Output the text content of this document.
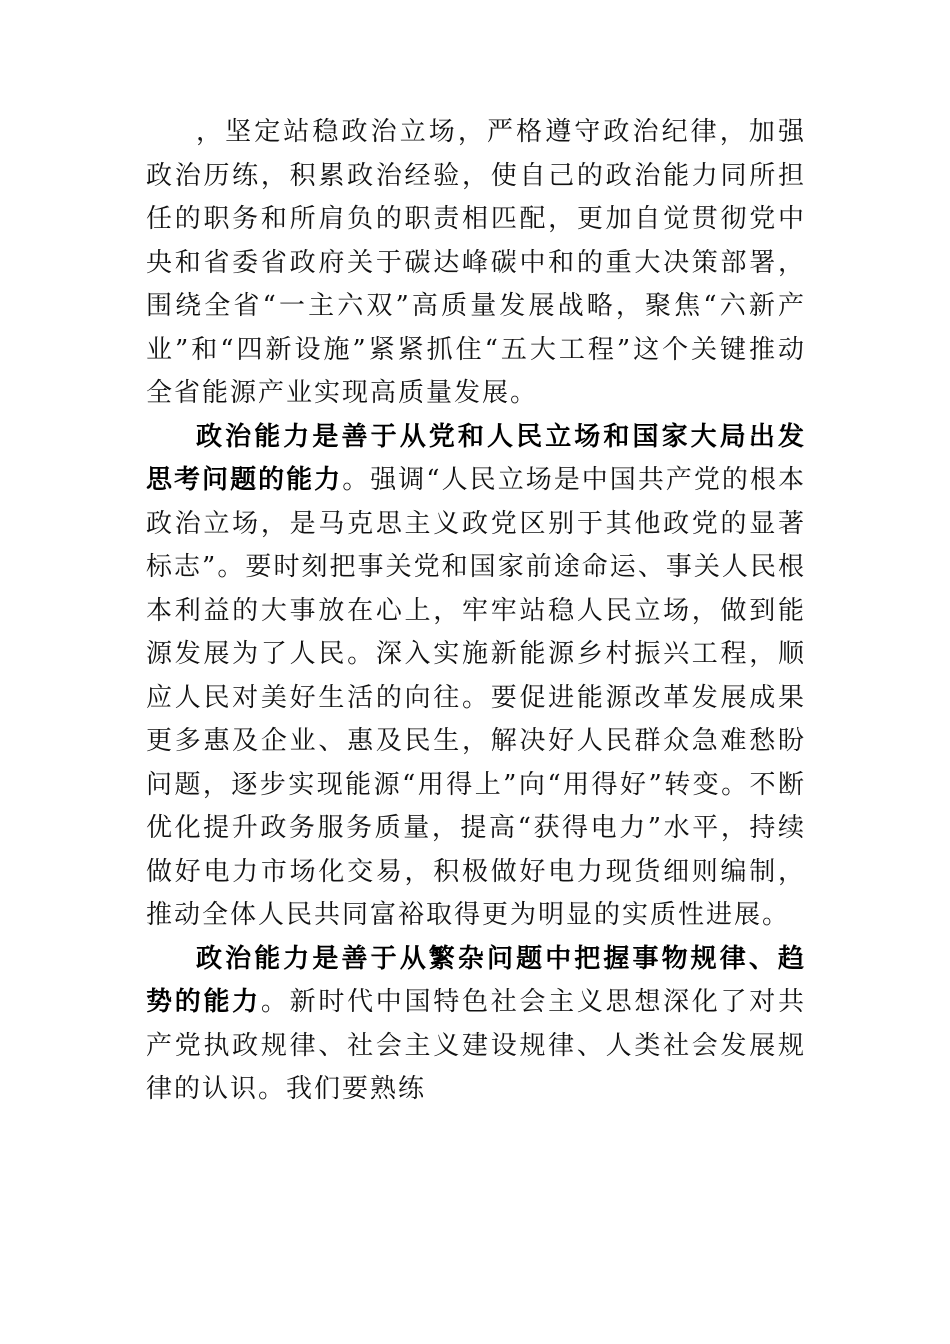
，坚定站稳政治立场，严格遵守政治纪律，加强政治历练，积累政治经验，使自己的政治能力同所担任的职务和所肩负的职责相匹配，更加自觉贯彻党中央和省委省政府关于碳达峰碳中和的重大决策部署，围绕全省“一主六双”高质量发展战略，聚焦“六新产业”和“四新设施”紧紧抓住“五大工程”这个关键推动全省能源产业实现高质量发展。

政治能力是善于从党和人民立场和国家大局出发思考问题的能力。强调“人民立场是中国共产党的根本政治立场，是马克思主义政党区别于其他政党的显著标志”。要时刻把事关党和国家前途命运、事关人民根本利益的大事放在心上，牢牢站稳人民立场，做到能源发展为了人民。深入实施新能源乡村振兴工程，顺应人民对美好生活的向往。要促进能源改革发展成果更多惠及企业、惠及民生，解决好人民群众急难愁盼问题，逐步实现能源“用得上”向“用得好”转变。不断优化提升政务服务质量，提高“获得电力”水平，持续做好电力市场化交易，积极做好电力现货细则编制，推动全体人民共同富裕取得更为明显的实质性进展。

政治能力是善于从繁杂问题中把握事物规律、趋势的能力。新时代中国特色社会主义思想深化了对共产党执政规律、社会主义建设规律、人类社会发展规律的认识。我们要熟练
